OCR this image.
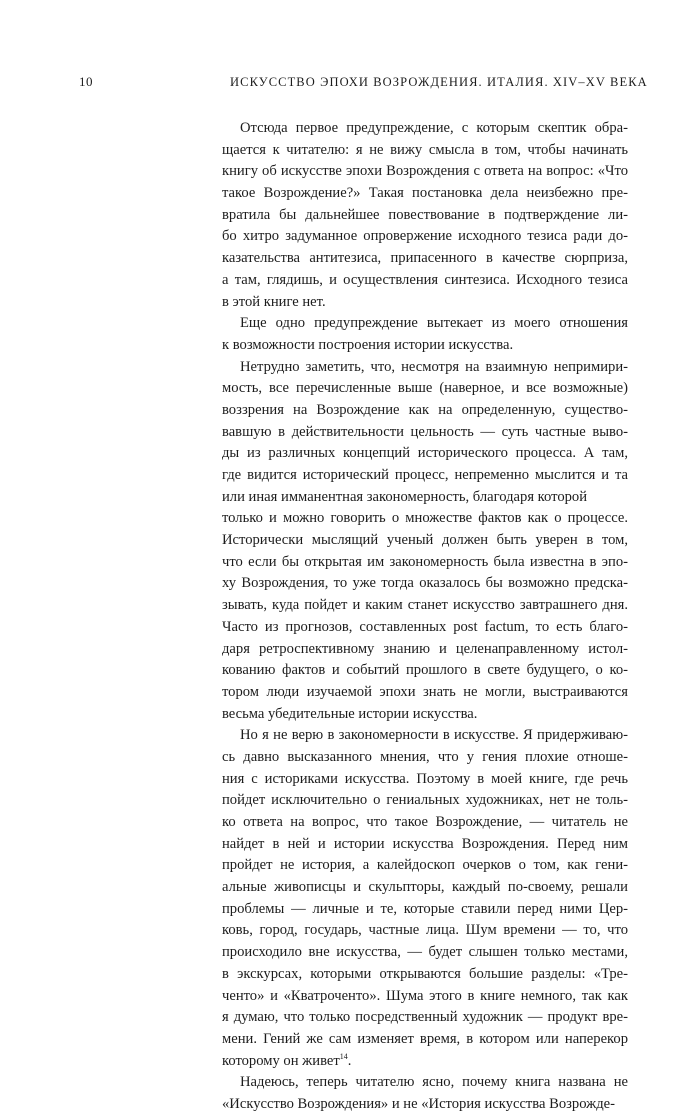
10	ИСКУССТВО ЭПОХИ ВОЗРОЖДЕНИЯ. ИТАЛИЯ. XIV–XV ВЕКА
Отсюда первое предупреждение, с которым скептик обра-
щается к читателю: я не вижу смысла в том, чтобы начинать
книгу об искусстве эпохи Возрождения с ответа на вопрос: «Что
такое Возрождение?» Такая постановка дела неизбежно пре-
вратила бы дальнейшее повествование в подтверждение ли-
бо хитро задуманное опровержение исходного тезиса ради до-
казательства антитезиса, припасенного в качестве сюрприза,
а там, глядишь, и осуществления синтезиса. Исходного тезиса
в этой книге нет.
Еще одно предупреждение вытекает из моего отношения
к возможности построения истории искусства.
Нетрудно заметить, что, несмотря на взаимную непримири-
мость, все перечисленные выше (наверное, и все возможные)
воззрения на Возрождение как на определенную, существо-
вавшую в действительности цельность — суть частные выво-
ды из различных концепций исторического процесса. А там,
где видится исторический процесс, непременно мыслится и та
или иная имманентная закономерность, благодаря которой
только и можно говорить о множестве фактов как о процессе.
Исторически мыслящий ученый должен быть уверен в том,
что если бы открытая им закономерность была известна в эпо-
ху Возрождения, то уже тогда оказалось бы возможно предска-
зывать, куда пойдет и каким станет искусство завтрашнего дня.
Часто из прогнозов, составленных post factum, то есть благо-
даря ретроспективному знанию и целенаправленному истол-
кованию фактов и событий прошлого в свете будущего, о ко-
тором люди изучаемой эпохи знать не могли, выстраиваются
весьма убедительные истории искусства.
Но я не верю в закономерности в искусстве. Я придерживаю-
сь давно высказанного мнения, что у гения плохие отноше-
ния с историками искусства. Поэтому в моей книге, где речь
пойдет исключительно о гениальных художниках, нет не толь-
ко ответа на вопрос, что такое Возрождение, — читатель не
найдет в ней и истории искусства Возрождения. Перед ним
пройдет не история, а калейдоскоп очерков о том, как гени-
альные живописцы и скульпторы, каждый по-своему, решали
проблемы — личные и те, которые ставили перед ними Цер-
ковь, город, государь, частные лица. Шум времени — то, что
происходило вне искусства, — будет слышен только местами,
в экскурсах, которыми открываются большие разделы: «Тре-
ченто» и «Кватроченто». Шума этого в книге немного, так как
я думаю, что только посредственный художник — продукт вре-
мени. Гений же сам изменяет время, в котором или наперекор
которому он живет$^{14}$.
Надеюсь, теперь читателю ясно, почему книга названа не
«Искусство Возрождения» и не «История искусства Возрожде-
